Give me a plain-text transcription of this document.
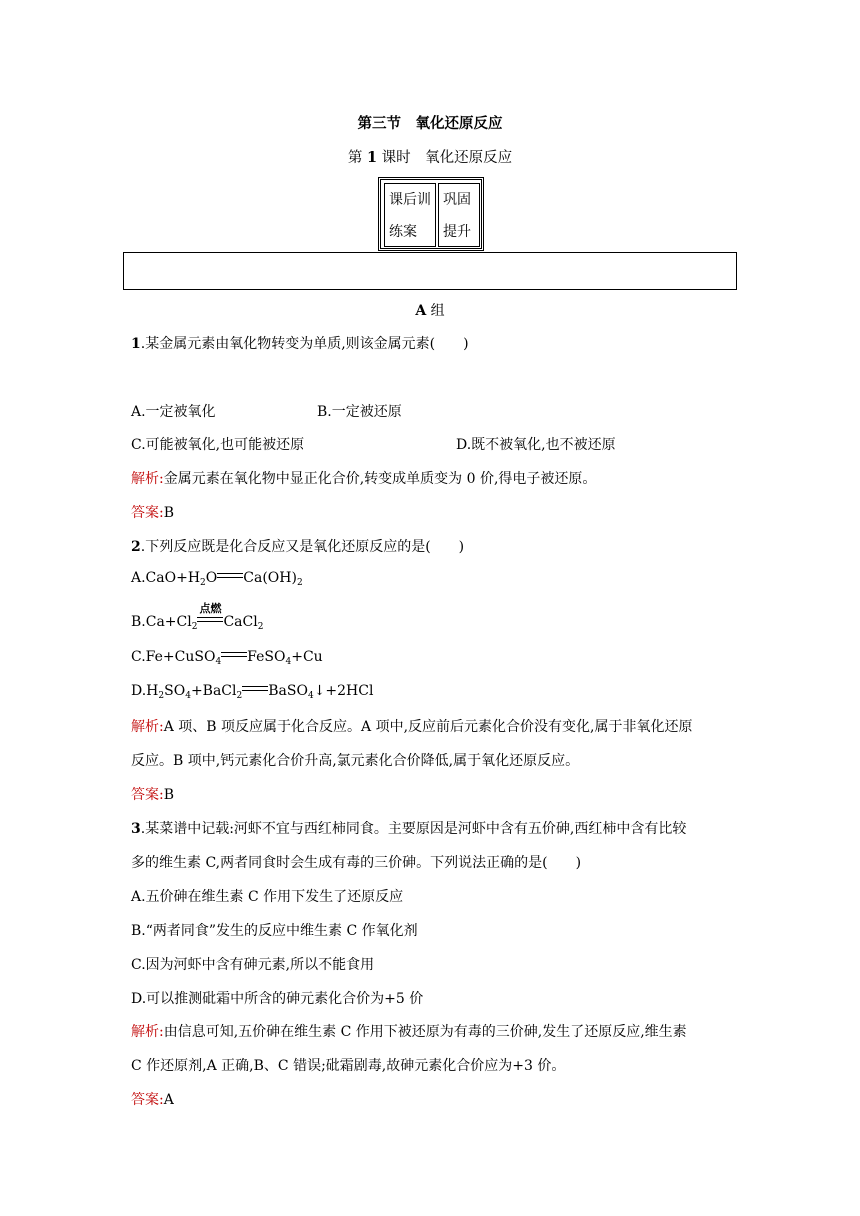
第三节　氧化还原反应
第 1 课时　氧化还原反应
课后训练案
巩固提升
A 组
1.某金属元素由氧化物转变为单质,则该金属元素(　　)
A.一定被氧化	B.一定被还原
C.可能被氧化,也可能被还原	D.既不被氧化,也不被还原
解析:金属元素在氧化物中显正化合价,转变成单质变为 0 价,得电子被还原。
答案:B
2.下列反应既是化合反应又是氧化还原反应的是(　　)
$A.CaO+H_2O$ $Ca(OH)_2$
$B.Ca+Cl_2$
点燃
CaCl$_2$
C.Fe+CuSO$_4$ FeSO$_4$+Cu
$D.H_2SO_4+BaCl_2$ BaSO$_4$↓+2HCl
解析:A 项、B 项反应属于化合反应。A 项中,反应前后元素化合价没有变化,属于非氧化还原
反应。B 项中,钙元素化合价升高,氯元素化合价降低,属于氧化还原反应。
答案:B
3.某菜谱中记载:河虾不宜与西红柿同食。主要原因是河虾中含有五价砷,西红柿中含有比较
多的维生素 C,两者同食时会生成有毒的三价砷。下列说法正确的是(　　)
A.五价砷在维生素 C 作用下发生了还原反应
B.“两者同食”发生的反应中维生素 C 作氧化剂
C.因为河虾中含有砷元素,所以不能食用
D.可以推测砒霜中所含的砷元素化合价为+5 价
解析:由信息可知,五价砷在维生素 C 作用下被还原为有毒的三价砷,发生了还原反应,维生素
C 作还原剂,A 正确,B、C 错误;砒霜剧毒,故砷元素化合价应为+3 价。
答案:A
